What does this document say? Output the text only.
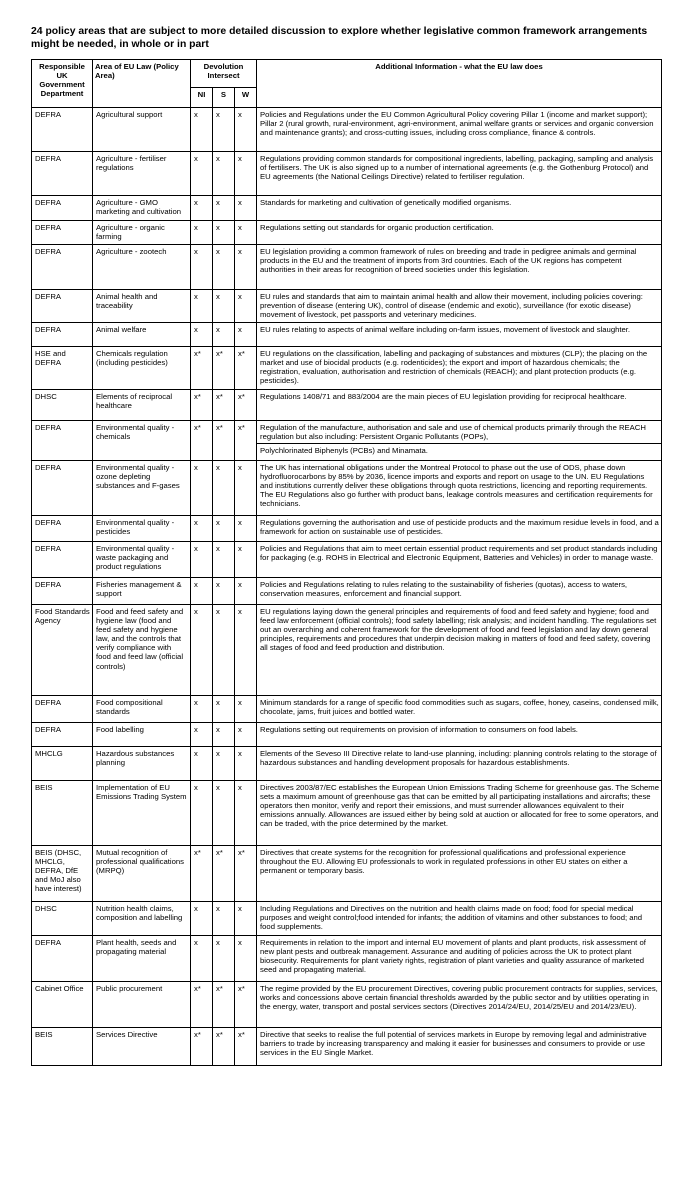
24 policy areas that are subject to more detailed discussion to explore whether legislative common framework arrangements might be needed, in whole or in part

Responsible UK Government Department	Area of EU Law (Policy Area)	Devolution Intersect			Additional Information - what the EU law does
		NI	S	W	
DEFRA	Agricultural support	x	x	x	Policies and Regulations under the EU Common Agricultural Policy covering Pillar 1 (income and market support); Pillar 2 (rural growth, rural-environment, agri-environment, animal welfare grants or services and organic conversion and maintenance grants); and cross-cutting issues, including cross compliance, finance & controls.
DEFRA	Agriculture - fertiliser regulations	x	x	x	Regulations providing common standards for compositional ingredients, labelling, packaging, sampling and analysis of fertilisers. The UK is also signed up to a number of international agreements (e.g. the Gothenburg Protocol) and EU agreements (the National Ceilings Directive) related to fertiliser regulation.
DEFRA	Agriculture - GMO marketing and cultivation	x	x	x	Standards for marketing and cultivation of genetically modified organisms.
DEFRA	Agriculture - organic farming	x	x	x	Regulations setting out standards for organic production certification.
DEFRA	Agriculture - zootech	x	x	x	EU legislation providing a common framework of rules on breeding and trade in pedigree animals and germinal products in the EU and the treatment of imports from 3rd countries. Each of the UK regions has competent authorities in their areas for recognition of breed societies under this legislation.
DEFRA	Animal health and traceability	x	x	x	EU rules and standards that aim to maintain animal health and allow their movement, including policies covering: prevention of disease (entering UK), control of disease (endemic and exotic), surveillance (for exotic disease) movement of livestock, pet passports and veterinary medicines.
DEFRA	Animal welfare	x	x	x	EU rules relating to aspects of animal welfare including on-farm issues, movement of livestock and slaughter.
HSE and DEFRA	Chemicals regulation (including pesticides)	x*	x*	x*	EU regulations on the classification, labelling and packaging of substances and mixtures (CLP); the placing on the market and use of biocidal products (e.g. rodenticides); the export and import of hazardous chemicals; the registration, evaluation, authorisation and restriction of chemicals (REACH); and plant protection products (e.g. pesticides).
DHSC	Elements of reciprocal healthcare	x*	x*	x*	Regulations 1408/71 and 883/2004 are the main pieces of EU legislation providing for reciprocal healthcare.
DEFRA	Environmental quality - chemicals	x*	x*	x*	Regulation of the manufacture, authorisation and sale and use of chemical products primarily through the REACH regulation but also including: Persistent Organic Pollutants (POPs),
Polychlorinated Biphenyls (PCBs) and Minamata.

DEFRA	Environmental quality - ozone depleting substances and F-gases	x	x	x	The UK has international obligations under the Montreal Protocol to phase out the use of ODS, phase down hydrofluorocarbons by 85% by 2036, licence imports and exports and report on usage to the UN. EU Regulations and institutions currently deliver these obligations through quota restrictions, licencing and reporting requirements. The EU Regulations also go further with product bans, leakage controls measures and certification requirements for technicians.
DEFRA	Environmental quality - pesticides	x	x	x	Regulations governing the authorisation and use of pesticide products and the maximum residue levels in food, and a framework for action on sustainable use of pesticides.
DEFRA	Environmental quality - waste packaging and product regulations	x	x	x	Policies and Regulations that aim to meet certain essential product requirements and set product standards including for packaging (e.g. ROHS in Electrical and Electronic Equipment, Batteries and Vehicles) in order to manage waste.
DEFRA	Fisheries management & support	x	x	x	Policies and Regulations relating to rules relating to the sustainability of fisheries (quotas), access to waters, conservation measures, enforcement and financial support.
Food Standards Agency	Food and feed safety and hygiene law (food and feed safety and hygiene law, and the controls that verify compliance with food and feed law (official controls)	x	x	x	EU regulations laying down the general principles and requirements of food and feed safety and hygiene; food and feed law enforcement (official controls); food safety labelling; risk analysis; and incident handling. The regulations set out an overarching and coherent framework for the development of food and feed legislation and lay down general principles, requirements and procedures that underpin decision making in matters of food and feed safety, covering all stages of food and feed production and distribution.
DEFRA	Food compositional standards	x	x	x	Minimum standards for a range of specific food commodities such as sugars, coffee, honey, caseins, condensed milk, chocolate, jams, fruit juices and bottled water.
DEFRA	Food labelling	x	x	x	Regulations setting out requirements on provision of information to consumers on food labels.
MHCLG	Hazardous substances planning	x	x	x	Elements of the Seveso III Directive relate to land-use planning, including: planning controls relating to the storage of hazardous substances and handling development proposals for hazardous establishments.
BEIS	Implementation of EU Emissions Trading System	x	x	x	Directives 2003/87/EC establishes the European Union Emissions Trading Scheme for greenhouse gas. The Scheme sets a maximum amount of greenhouse gas that can be emitted by all participating installations and aircrafts; these operators then monitor, verify and report their emissions, and must surrender allowances equivalent to their emissions annually. Allowances are issued either by being sold at auction or allocated for free to some operators, and can be traded, with the price determined by the market.
BEIS (DHSC, MHCLG, DEFRA, DfE and MoJ also have interest)	Mutual recognition of professional qualifications (MRPQ)	x*	x*	x*	Directives that create systems for the recognition for professional qualifications and professional experience throughout the EU. Allowing EU professionals to work in regulated professions in other EU states on either a permanent or temporary basis.
DHSC	Nutrition health claims, composition and labelling	x	x	x	Including Regulations and Directives on the nutrition and health claims made on food; food for special medical purposes and weight control;food intended for infants; the addition of vitamins and other substances to food; and food supplements.
DEFRA	Plant health, seeds and propagating material	x	x	x	Requirements in relation to the import and internal EU movement of plants and plant products, risk assessment of new plant pests and outbreak management. Assurance and auditing of policies across the UK to protect plant biosecurity. Requirements for plant variety rights, registration of plant varieties and quality assurance of marketed seed and propagating material.
Cabinet Office	Public procurement	x*	x*	x*	The regime provided by the EU procurement Directives, covering public procurement contracts for supplies, services, works and concessions above certain financial thresholds awarded by the public sector and by utilities operating in the energy, water, transport and postal services sectors (Directives 2014/24/EU, 2014/25/EU and 2014/23/EU).
BEIS	Services Directive	x*	x*	x*	Directive that seeks to realise the full potential of services markets in Europe by removing legal and administrative barriers to trade by increasing transparency and making it easier for businesses and consumers to provide or use services in the EU Single Market.
